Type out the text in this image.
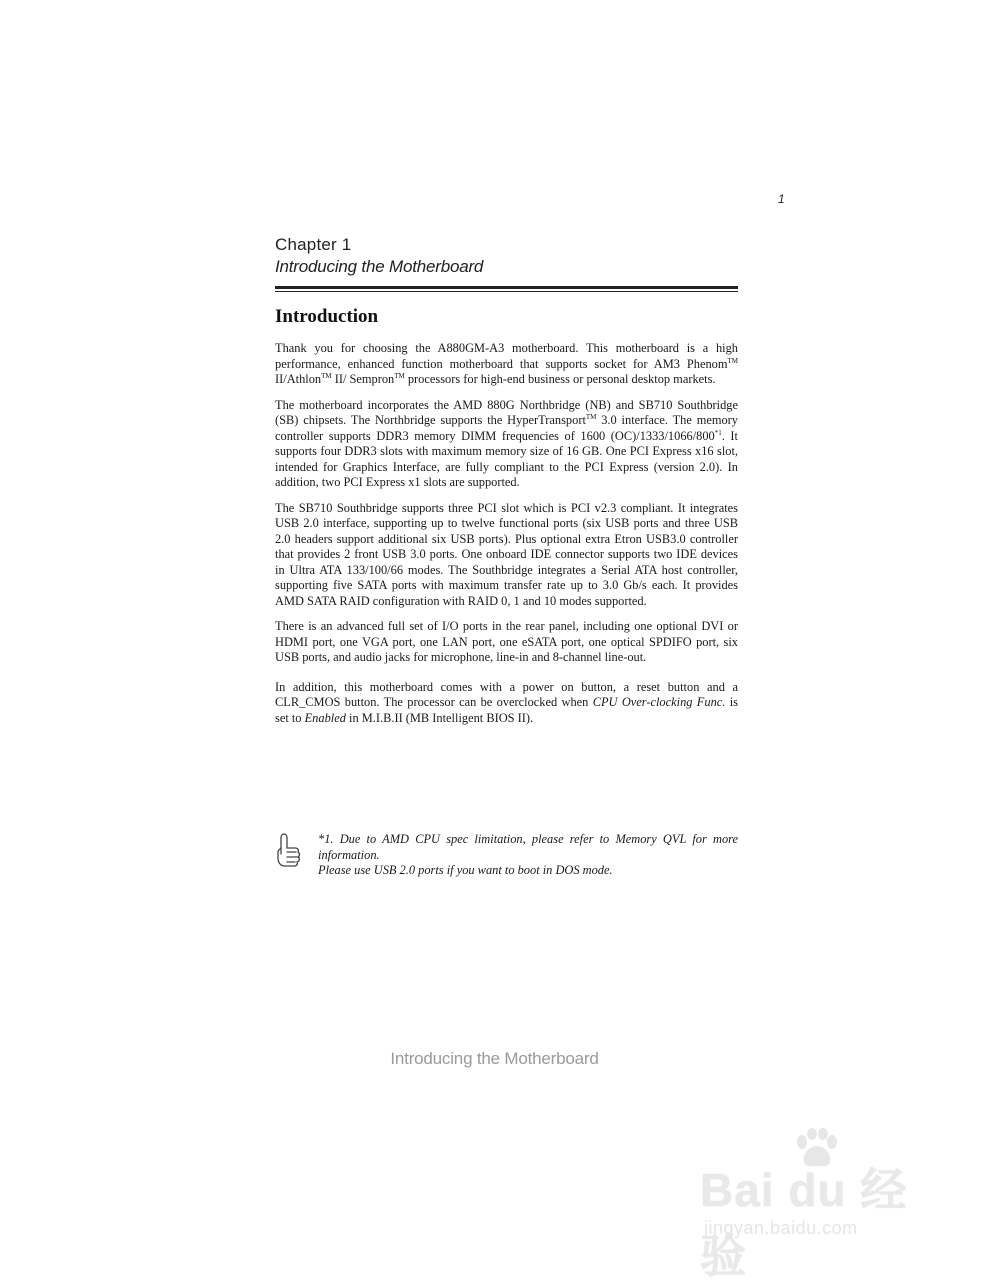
1
Chapter 1
Introducing the Motherboard
Introduction

Thank you for choosing the A880GM-A3 motherboard. This motherboard is a high performance, enhanced function motherboard that supports socket for AM3 Phenom™ II/Athlon™ II/ Sempron™ processors for high-end business or personal desktop markets.

The motherboard incorporates the AMD 880G Northbridge (NB) and SB710 Southbridge (SB) chipsets. The Northbridge supports the HyperTransport™ 3.0 interface. The memory controller supports DDR3 memory DIMM frequencies of 1600 (OC)/1333/1066/800$^{*1}$. It supports four DDR3 slots with maximum memory size of 16 GB. One PCI Express x16 slot, intended for Graphics Interface, are fully compliant to the PCI Express (version 2.0). In addition, two PCI Express x1 slots are supported.

The SB710 Southbridge supports three PCI slot which is PCI v2.3 compliant. It integrates USB 2.0 interface, supporting up to twelve functional ports (six USB ports and three USB 2.0 headers support additional six USB ports). Plus optional extra Etron USB3.0 controller that provides 2 front USB 3.0 ports. One onboard IDE connector supports two IDE devices in Ultra ATA 133/100/66 modes. The Southbridge integrates a Serial ATA host controller, supporting five SATA ports with maximum transfer rate up to 3.0 Gb/s each. It provides AMD SATA RAID configuration with RAID 0, 1 and 10 modes supported.

There is an advanced full set of I/O ports in the rear panel, including one optional DVI or HDMI port, one VGA port, one LAN port, one eSATA port, one optical SPDIFO port, six USB ports, and audio jacks for microphone, line-in and 8-channel line-out.

In addition, this motherboard comes with a power on button, a reset button and a CLR_CMOS button. The processor can be overclocked when CPU Over-clocking Func. is set to Enabled in M.I.B.II (MB Intelligent BIOS II).

*1. Due to AMD CPU spec limitation, please refer to Memory QVL for more information.
Please use USB 2.0 ports if you want to boot in DOS mode.
Introducing the Motherboard
Bai du 经验
jingyan.baidu.com
